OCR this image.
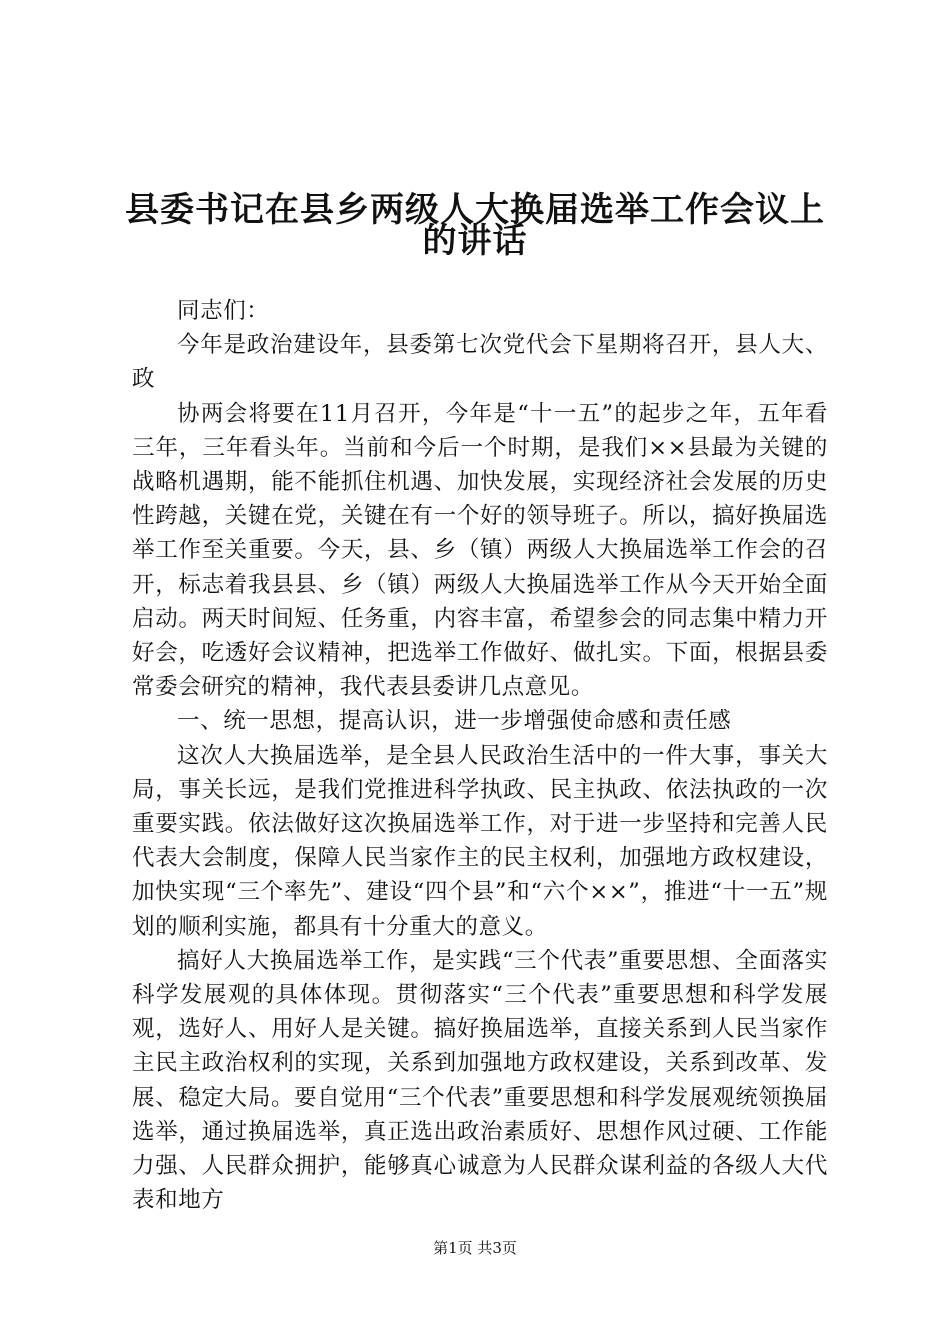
县委书记在县乡两级人大换届选举工作会议上
的讲话

同志们：

今年是政治建设年，县委第七次党代会下星期将召开，县人大、政

协两会将要在11月召开，今年是“十一五”的起步之年，五年看三年，三年看头年。当前和今后一个时期，是我们××县最为关键的战略机遇期，能不能抓住机遇、加快发展，实现经济社会发展的历史性跨越，关键在党，关键在有一个好的领导班子。所以，搞好换届选举工作至关重要。今天，县、乡（镇）两级人大换届选举工作会的召开，标志着我县县、乡（镇）两级人大换届选举工作从今天开始全面启动。两天时间短、任务重，内容丰富，希望参会的同志集中精力开好会，吃透好会议精神，把选举工作做好、做扎实。下面，根据县委常委会研究的精神，我代表县委讲几点意见。

一、统一思想，提高认识，进一步增强使命感和责任感

这次人大换届选举，是全县人民政治生活中的一件大事，事关大局，事关长远，是我们党推进科学执政、民主执政、依法执政的一次重要实践。依法做好这次换届选举工作，对于进一步坚持和完善人民代表大会制度，保障人民当家作主的民主权利，加强地方政权建设，加快实现“三个率先”、建设“四个县”和“六个××”，推进“十一五”规划的顺利实施，都具有十分重大的意义。

搞好人大换届选举工作，是实践“三个代表”重要思想、全面落实科学发展观的具体体现。贯彻落实“三个代表”重要思想和科学发展观，选好人、用好人是关键。搞好换届选举，直接关系到人民当家作主民主政治权利的实现，关系到加强地方政权建设，关系到改革、发展、稳定大局。要自觉用“三个代表”重要思想和科学发展观统领换届选举，通过换届选举，真正选出政治素质好、思想作风过硬、工作能力强、人民群众拥护，能够真心诚意为人民群众谋利益的各级人大代表和地方

第1页 共3页
